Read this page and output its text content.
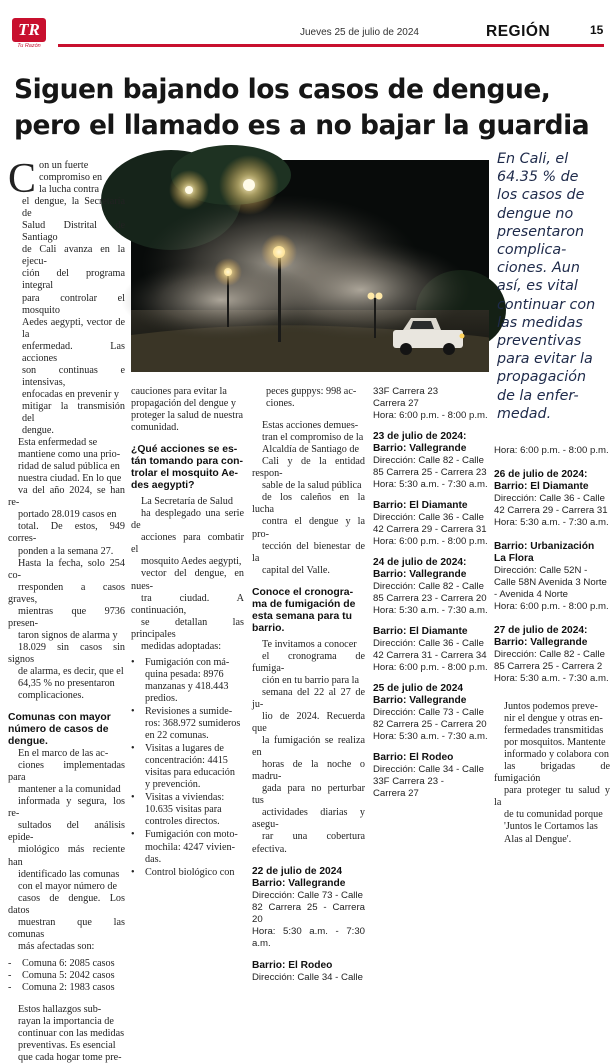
TR
Tu Razón
Jueves 25 de julio de 2024	REGIÓN	15
Siguen bajando los casos de dengue,
pero el llamado es a no bajar la guardia
C on un fuerte
compromiso en
la lucha contra
el dengue, la Secretaría de
Salud Distrital de Santiago
de Cali avanza en la ejecu-
ción del programa integral
para controlar el mosquito
Aedes aegypti, vector de la
enfermedad. Las acciones
son continuas e intensivas,
enfocadas en prevenir y
mitigar la transmisión del
dengue.
Esta enfermedad se
mantiene como una prio-
ridad de salud pública en
nuestra ciudad. En lo que
va del año 2024, se han re-
portado 28.019 casos en
total. De estos, 949 corres-
ponden a la semana 27.
Hasta la fecha, solo 254 co-
rresponden a casos graves,
mientras que 9736 presen-
taron signos de alarma y
18.029 sin casos sin signos
de alarma, es decir, que el
64,35 % no presentaron
complicaciones.
Comunas con mayor
número de casos de
dengue.
En el marco de las ac-
ciones implementadas para
mantener a la comunidad
informada y segura, los re-
sultados del análisis epide-
miológico más reciente han
identificado las comunas
con el mayor número de
casos de dengue. Los datos
muestran que las comunas
más afectadas son:
-	Comuna 6: 2085 casos
-	Comuna 5: 2042 casos
-	Comuna 2: 1983 casos
Estos hallazgos sub-
rayan la importancia de
continuar con las medidas
preventivas. Es esencial
que cada hogar tome pre-
cauciones para evitar la
propagación del dengue y
proteger la salud de nuestra
comunidad.
¿Qué acciones se es-
tán tomando para con-
trolar el mosquito Ae-
des aegypti?
La Secretaría de Salud
ha desplegado una serie de
acciones para combatir el
mosquito Aedes aegypti,
vector del dengue, en nues-
tra ciudad. A continuación,
se detallan las principales
medidas adoptadas:
•	Fumigación con má-
quina pesada: 8976
manzanas y 418.443
predios.
•	Revisiones a sumide-
ros: 368.972 sumideros
en 22 comunas.
•	Visitas a lugares de
concentración: 4415
visitas para educación
y prevención.
•	Visitas a viviendas:
10.635 visitas para
controles directos.
•	Fumigación con moto-
mochila: 4247 vivien-
das.
•	Control biológico con
peces guppys: 998 ac-
ciones.
Estas acciones demues-
tran el compromiso de la
Alcaldía de Santiago de
Cali y de la entidad respon-
sable de la salud pública
de los caleños en la lucha
contra el dengue y la pro-
tección del bienestar de la
capital del Valle.
Conoce el cronogra-
ma de fumigación de
esta semana para tu
barrio.
Te invitamos a conocer
el cronograma de fumiga-
ción en tu barrio para la
semana del 22 al 27 de ju-
lio de 2024. Recuerda que
la fumigación se realiza en
horas de la noche o madru-
gada para no perturbar tus
actividades diarias y asegu-
rar una cobertura efectiva.
22 de julio de 2024
Barrio: Vallegrande
Dirección: Calle 73 - Calle
82 Carrera 25 - Carrera 20
Hora: 5:30 a.m. - 7:30 a.m.
Barrio: El Rodeo
Dirección: Calle 34 - Calle
33F Carrera 23
Carrera 27
Hora: 6:00 p.m. - 8:00 p.m.
23 de julio de 2024:
Barrio: Vallegrande
Dirección: Calle 82 - Calle
85 Carrera 25 - Carrera 23
Hora: 5:30 a.m. - 7:30 a.m.
Barrio: El Diamante
Dirección: Calle 36 - Calle
42 Carrera 29 - Carrera 31
Hora: 6:00 p.m. - 8:00 p.m.
24 de julio de 2024:
Barrio: Vallegrande
Dirección: Calle 82 - Calle
85 Carrera 23 - Carrera 20
Hora: 5:30 a.m. - 7:30 a.m.
Barrio: El Diamante
Dirección: Calle 36 - Calle
42 Carrera 31 - Carrera 34
Hora: 6:00 p.m. - 8:00 p.m.
25 de julio de 2024
Barrio: Vallegrande
Dirección: Calle 73 - Calle
82 Carrera 25 - Carrera 20
Hora: 5:30 a.m. - 7:30 a.m.
Barrio: El Rodeo
Dirección: Calle 34 - Calle
33F Carrera 23 -
Carrera 27
En Cali, el
64.35 % de
los casos de
dengue no
presentaron
complica-
ciones. Aun
así, es vital
continuar con
las medidas
preventivas
para evitar la
propagación
de la enfer-
medad.
Hora: 6:00 p.m. - 8:00 p.m.
26 de julio de 2024:
Barrio: El Diamante
Dirección: Calle 36 - Calle
42 Carrera 29 - Carrera 31
Hora: 5:30 a.m. - 7:30 a.m.
Barrio: Urbanización
La Flora
Dirección: Calle 52N -
Calle 58N Avenida 3 Norte
- Avenida 4 Norte
Hora: 6:00 p.m. - 8:00 p.m.
27 de julio de 2024:
Barrio: Vallegrande
Dirección: Calle 82 - Calle
85 Carrera 25 - Carrera 2
Hora: 5:30 a.m. - 7:30 a.m.
Juntos podemos preve-
nir el dengue y otras en-
fermedades transmitidas
por mosquitos. Mantente
informado y colabora con
las brigadas de fumigación
para proteger tu salud y la
de tu comunidad porque
'Juntos le Cortamos las
Alas al Dengue'.
